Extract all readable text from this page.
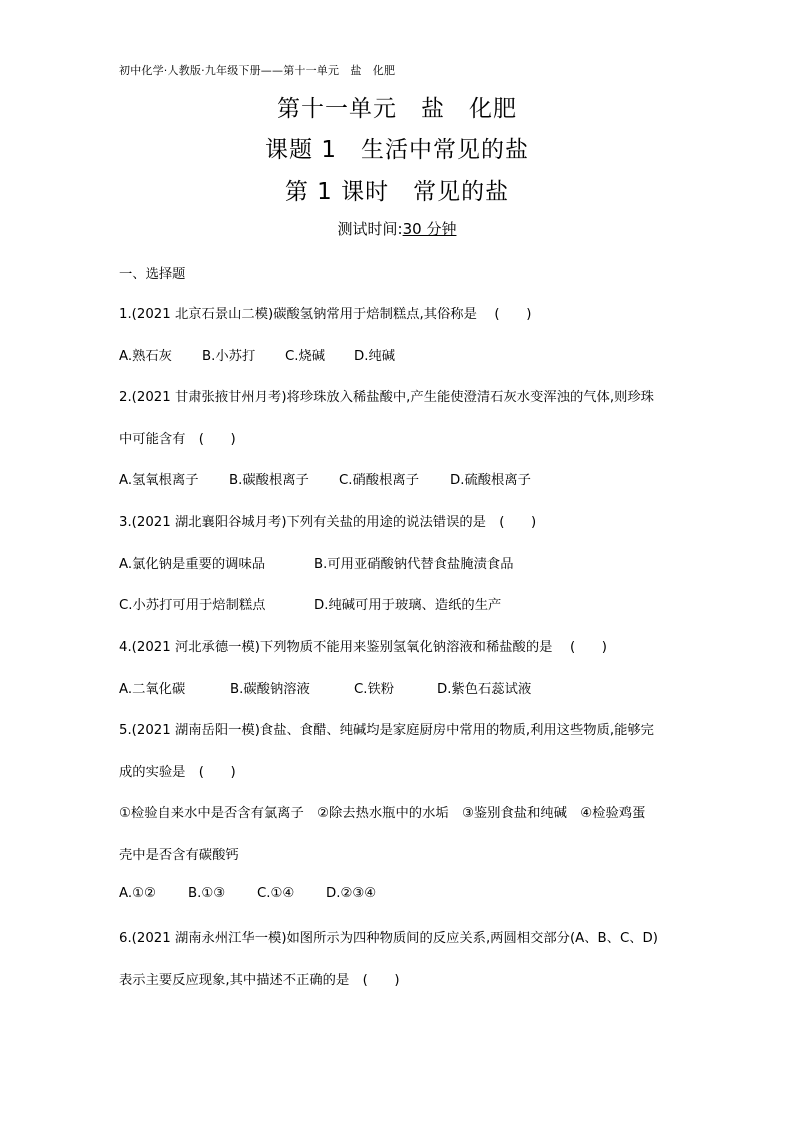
初中化学·人教版·九年级下册——第十一单元　盐　化肥
第十一单元　盐　化肥
课题 1　生活中常见的盐
第 1 课时　常见的盐
测试时间:30 分钟
一、选择题
1.(2021 北京石景山二模)碳酸氢钠常用于焙制糕点,其俗称是　 (　　)
A.熟石灰 B.小苏打 C.烧碱 D.纯碱
2.(2021 甘肃张掖甘州月考)将珍珠放入稀盐酸中,产生能使澄清石灰水变浑浊的气体,则珍珠
中可能含有　(　　)
A.氢氧根离子 B.碳酸根离子 C.硝酸根离子 D.硫酸根离子
3.(2021 湖北襄阳谷城月考)下列有关盐的用途的说法错误的是　(　　)
A.氯化钠是重要的调味品	B.可用亚硝酸钠代替食盐腌渍食品
C.小苏打可用于焙制糕点	D.纯碱可用于玻璃、造纸的生产
4.(2021 河北承德一模)下列物质不能用来鉴别氢氧化钠溶液和稀盐酸的是　 (　　)
A.二氧化碳	B.碳酸钠溶液	C.铁粉	D.紫色石蕊试液
5.(2021 湖南岳阳一模)食盐、食醋、纯碱均是家庭厨房中常用的物质,利用这些物质,能够完
成的实验是　(　　)
①检验自来水中是否含有氯离子　②除去热水瓶中的水垢　③鉴别食盐和纯碱　④检验鸡蛋
壳中是否含有碳酸钙
A.①② B.①③ C.①④ D.②③④
6.(2021 湖南永州江华一模)如图所示为四种物质间的反应关系,两圆相交部分(A、B、C、D)
表示主要反应现象,其中描述不正确的是　(　　)
